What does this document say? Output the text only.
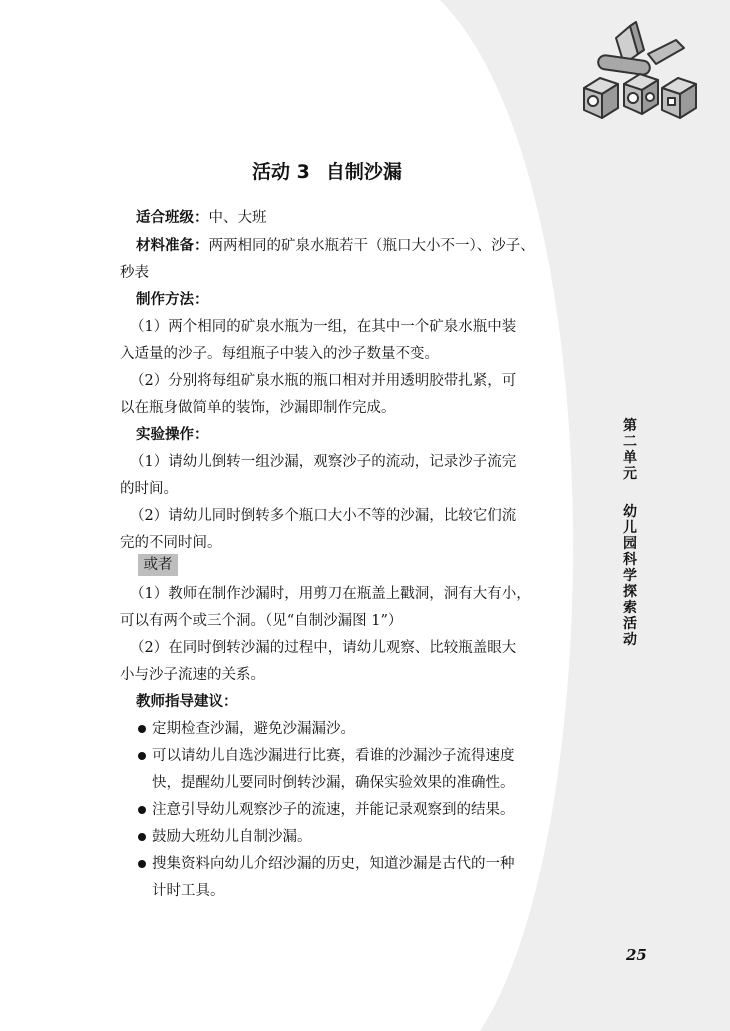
活动 3 自制沙漏
适合班级：中、大班
材料准备：两两相同的矿泉水瓶若干（瓶口大小不一）、沙子、
秒表
制作方法：
（1）两个相同的矿泉水瓶为一组，在其中一个矿泉水瓶中装
入适量的沙子。每组瓶子中装入的沙子数量不变。
（2）分别将每组矿泉水瓶的瓶口相对并用透明胶带扎紧，可
以在瓶身做简单的装饰，沙漏即制作完成。
实验操作：
（1）请幼儿倒转一组沙漏，观察沙子的流动，记录沙子流完
的时间。
（2）请幼儿同时倒转多个瓶口大小不等的沙漏，比较它们流
完的不同时间。
或者
（1）教师在制作沙漏时，用剪刀在瓶盖上戳洞，洞有大有小，
可以有两个或三个洞。（见“自制沙漏图 1”）
（2）在同时倒转沙漏的过程中，请幼儿观察、比较瓶盖眼大
小与沙子流速的关系。
教师指导建议：
定期检查沙漏，避免沙漏漏沙。
可以请幼儿自选沙漏进行比赛，看谁的沙漏沙子流得速度
快，提醒幼儿要同时倒转沙漏，确保实验效果的准确性。
注意引导幼儿观察沙子的流速，并能记录观察到的结果。
鼓励大班幼儿自制沙漏。
搜集资料向幼儿介绍沙漏的历史，知道沙漏是古代的一种
计时工具。
第
二
单
元
幼
儿
园
科
学
探
索
活
动
25
